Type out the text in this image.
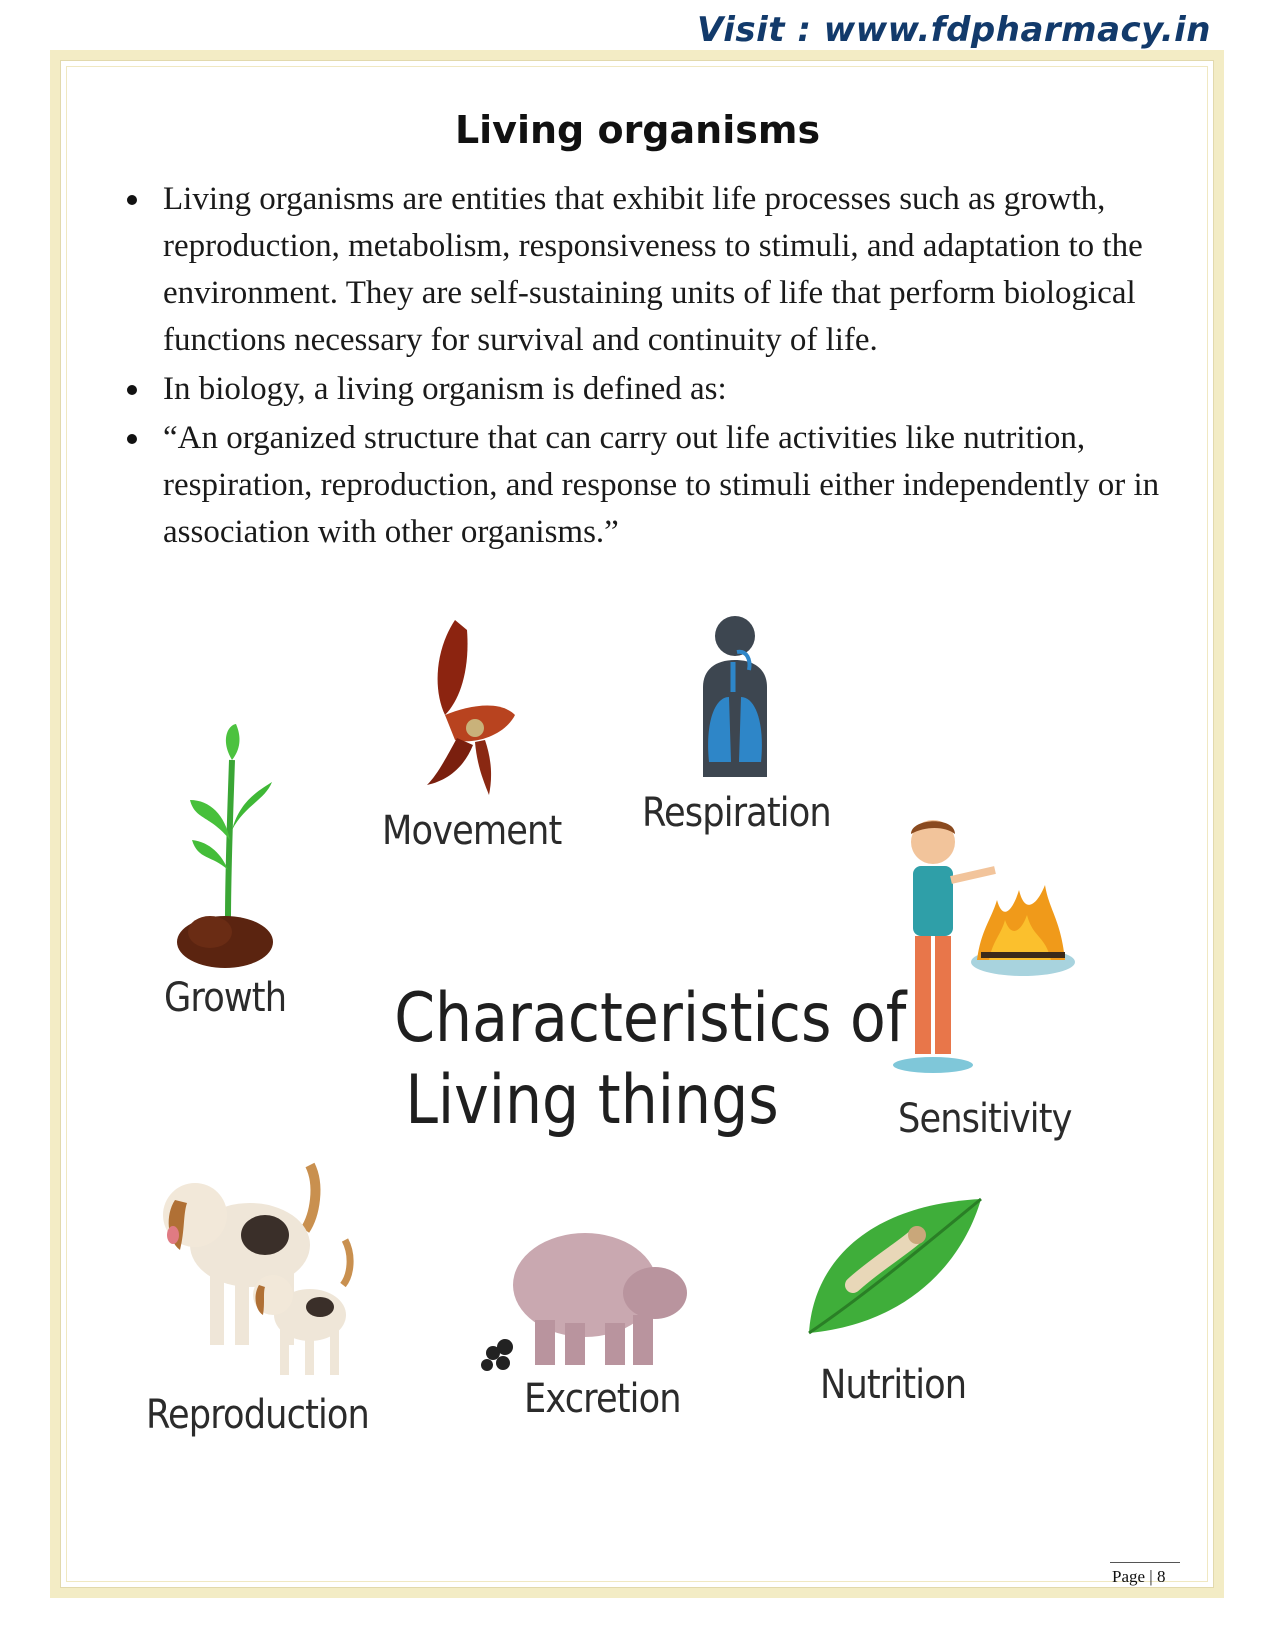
Visit : www.fdpharmacy.in
Living organisms
Living organisms are entities that exhibit life processes such as growth, reproduction, metabolism, responsiveness to stimuli, and adaptation to the environment. They are self-sustaining units of life that perform biological functions necessary for survival and continuity of life.
In biology, a living organism is defined as:
“An organized structure that can carry out life activities like nutrition, respiration, reproduction, and response to stimuli either independently or in association with other organisms.”
Growth
Movement Respiration
Sensitivity
Characteristics of
Living things
Reproduction	Excretion	Nutrition
Page | 8
